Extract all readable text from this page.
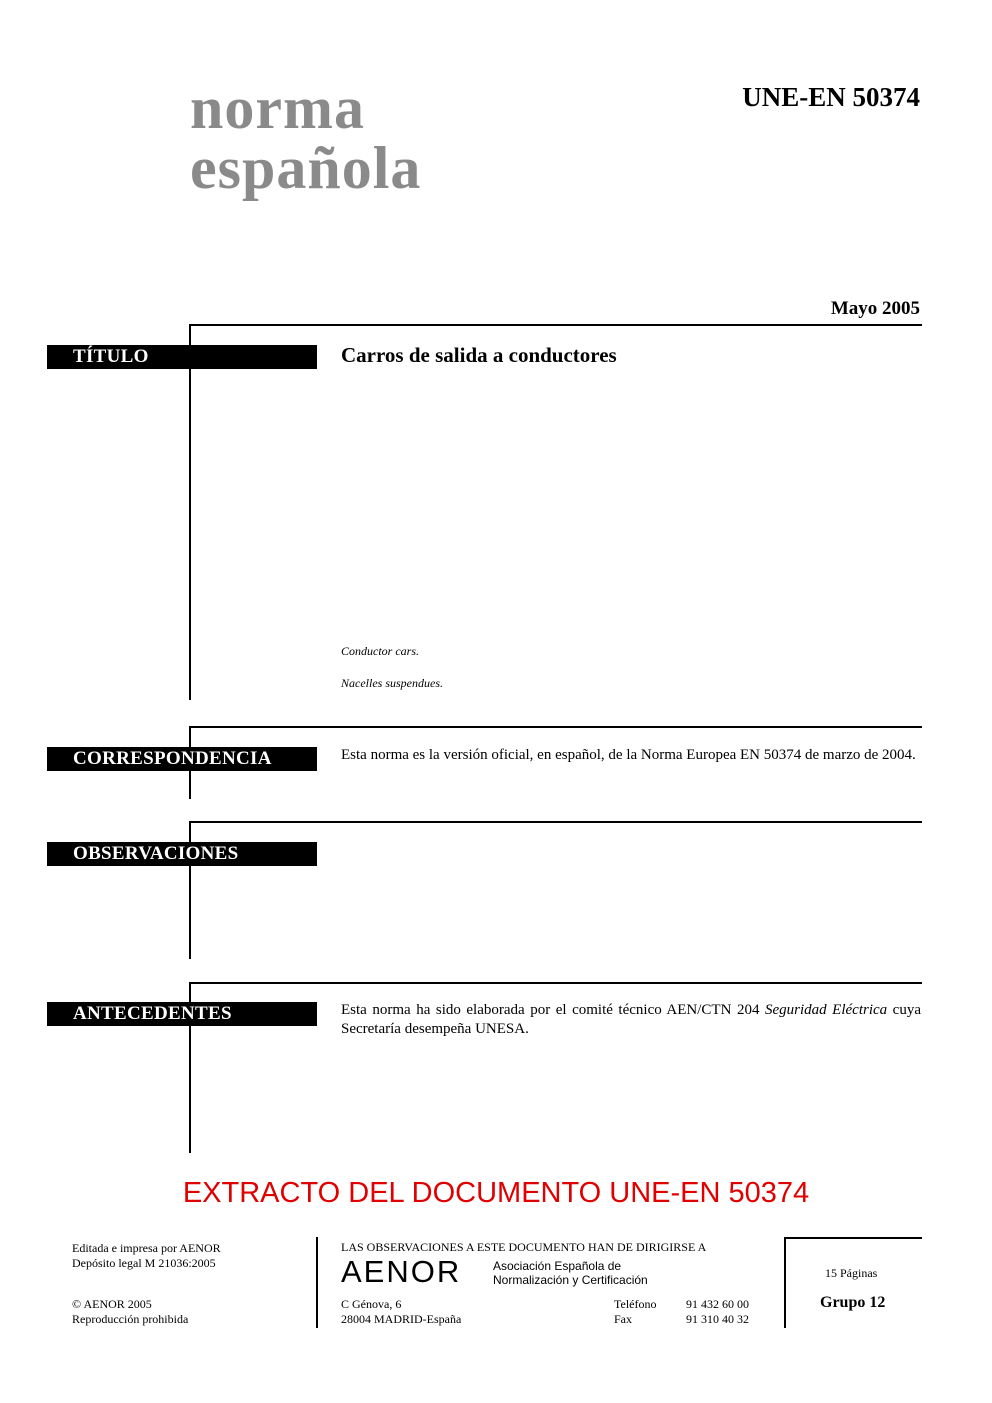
norma
española
UNE-EN 50374
Mayo 2005
TÍTULO	Carros de salida a conductores
Conductor cars.
Nacelles suspendues.
CORRESPONDENCIA	Esta norma es la versión oficial, en español, de la Norma Europea EN 50374 de marzo de 2004.
OBSERVACIONES
ANTECEDENTES	Esta norma ha sido elaborada por el comité técnico AEN/CTN 204 Seguridad Eléctrica cuya Secretaría desempeña UNESA.
EXTRACTO DEL DOCUMENTO UNE-EN 50374
Editada e impresa por AENOR
Depósito legal M 21036:2005
© AENOR 2005
Reproducción prohibida
LAS OBSERVACIONES A ESTE DOCUMENTO HAN DE DIRIGIRSE A
AENOR	Asociación Española de
Normalización y Certificación
C Génova, 6
28004 MADRID-España
Teléfono 91 432 60 00
Fax	91 310 40 32
15 Páginas
Grupo 12
